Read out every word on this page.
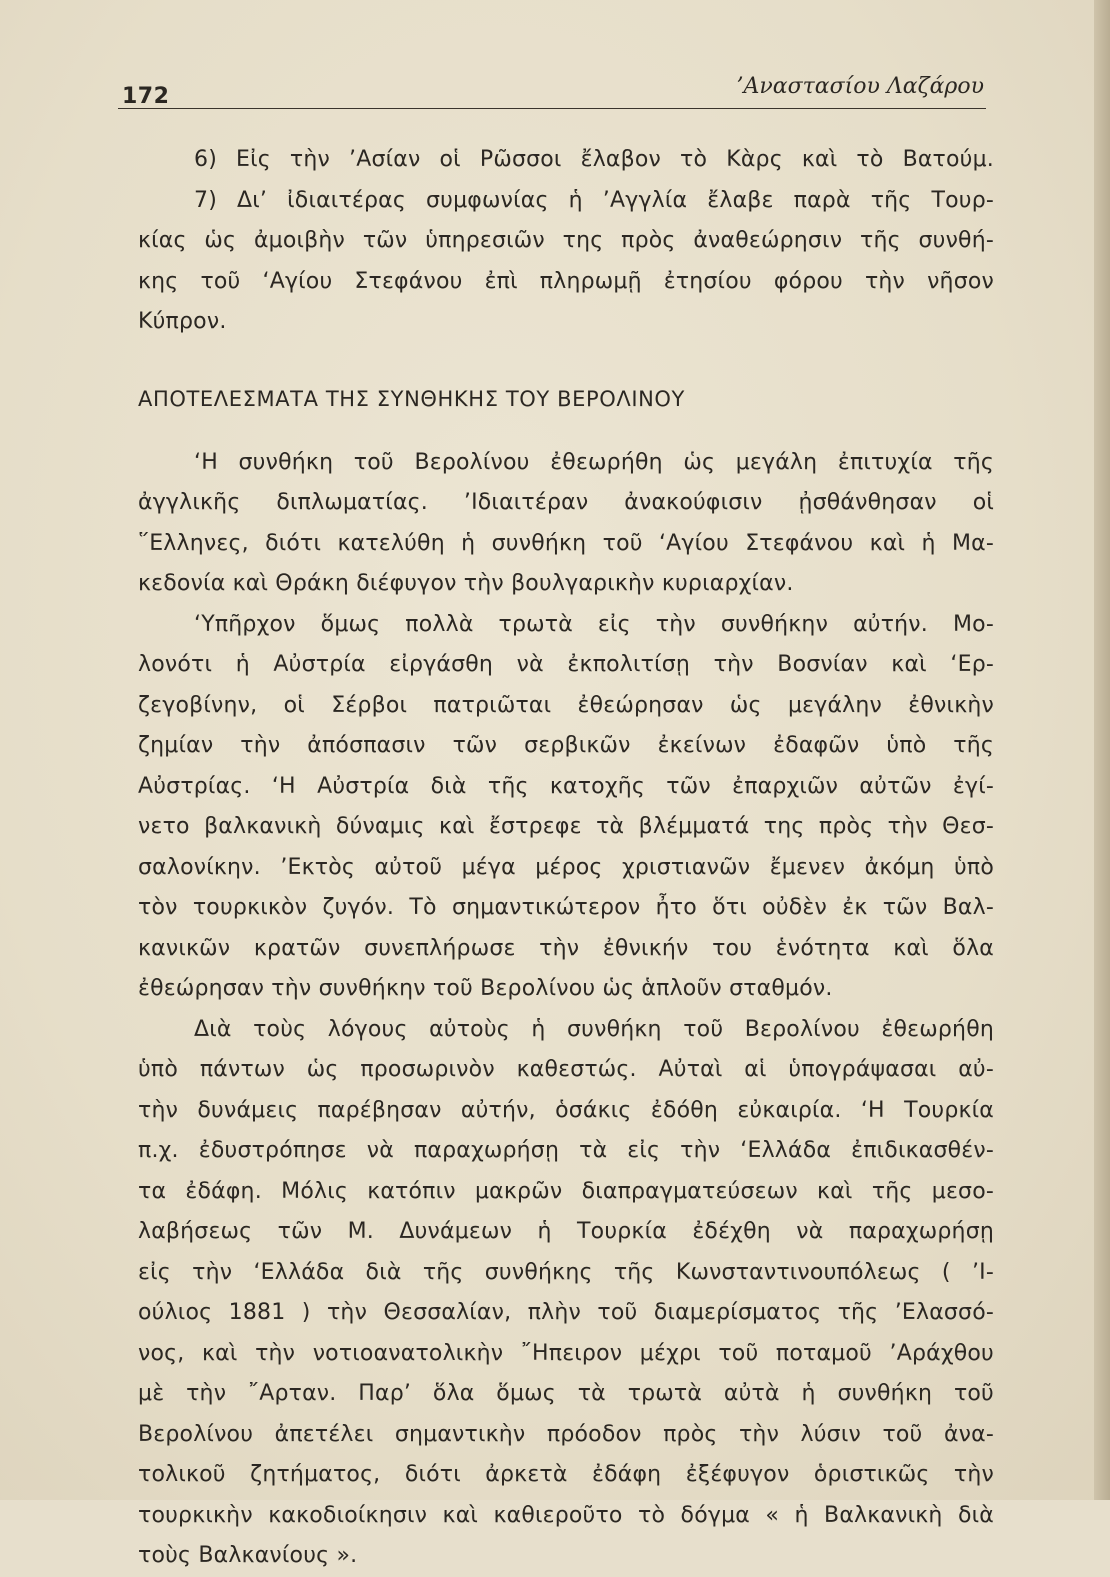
172	’Αναστασίου Λαζάρου
6) Εἰς τὴν ’Ασίαν οἱ Ρῶσσοι ἔλαβον τὸ Κὰρς καὶ τὸ Βατούμ.
7) Δι’ ἰδιαιτέρας συμφωνίας ἡ ’Αγγλία ἔλαβε παρὰ τῆς Τουρ-
κίας ὡς ἀμοιβὴν τῶν ὑπηρεσιῶν της πρὸς ἀναθεώρησιν τῆς συνθή-
κης τοῦ ‘Αγίου Στεφάνου ἐπὶ πληρωμῇ ἐτησίου φόρου τὴν νῆσον
Κύπρον.
ΑΠΟΤΕΛΕΣΜΑΤΑ ΤΗΣ ΣΥΝΘΗΚΗΣ ΤΟΥ ΒΕΡΟΛΙΝΟΥ
‘Η συνθήκη τοῦ Βερολίνου ἐθεωρήθη ὡς μεγάλη ἐπιτυχία τῆς
ἀγγλικῆς διπλωματίας. ’Ιδιαιτέραν ἀνακούφισιν ᾐσθάνθησαν οἱ
῞Ελληνες, διότι κατελύθη ἡ συνθήκη τοῦ ‘Αγίου Στεφάνου καὶ ἡ Μα-
κεδονία καὶ Θράκη διέφυγον τὴν βουλγαρικὴν κυριαρχίαν.
‘Υπῆρχον ὅμως πολλὰ τρωτὰ εἰς τὴν συνθήκην αὐτήν. Μο-
λονότι ἡ Αὐστρία εἰργάσθη νὰ ἐκπολιτίσῃ τὴν Βοσνίαν καὶ ‘Ερ-
ζεγοβίνην, οἱ Σέρβοι πατριῶται ἐθεώρησαν ὡς μεγάλην ἐθνικὴν
ζημίαν τὴν ἀπόσπασιν τῶν σερβικῶν ἐκείνων ἐδαφῶν ὑπὸ τῆς
Αὐστρίας. ‘Η Αὐστρία διὰ τῆς κατοχῆς τῶν ἐπαρχιῶν αὐτῶν ἐγί-
νετο βαλκανικὴ δύναμις καὶ ἔστρεφε τὰ βλέμματά της πρὸς τὴν Θεσ-
σαλονίκην. ’Εκτὸς αὐτοῦ μέγα μέρος χριστιανῶν ἔμενεν ἀκόμη ὑπὸ
τὸν τουρκικὸν ζυγόν. Τὸ σημαντικώτερον ἦτο ὅτι οὐδὲν ἐκ τῶν Βαλ-
κανικῶν κρατῶν συνεπλήρωσε τὴν ἐθνικήν του ἑνότητα καὶ ὅλα
ἐθεώρησαν τὴν συνθήκην τοῦ Βερολίνου ὡς ἁπλοῦν σταθμόν.
Διὰ τοὺς λόγους αὐτοὺς ἡ συνθήκη τοῦ Βερολίνου ἐθεωρήθη
ὑπὸ πάντων ὡς προσωρινὸν καθεστώς. Αὐταὶ αἱ ὑπογράψασαι αὐ-
τὴν δυνάμεις παρέβησαν αὐτήν, ὁσάκις ἐδόθη εὐκαιρία. ‘Η Τουρκία
π.χ. ἐδυστρόπησε νὰ παραχωρήσῃ τὰ εἰς τὴν ‘Ελλάδα ἐπιδικασθέν-
τα ἐδάφη. Μόλις κατόπιν μακρῶν διαπραγματεύσεων καὶ τῆς μεσο-
λαβήσεως τῶν Μ. Δυνάμεων ἡ Τουρκία ἐδέχθη νὰ παραχωρήσῃ
εἰς τὴν ‘Ελλάδα διὰ τῆς συνθήκης τῆς Κωνσταντινουπόλεως ( ’Ι-
ούλιος 1881 ) τὴν Θεσσαλίαν, πλὴν τοῦ διαμερίσματος τῆς ’Ελασσό-
νος, καὶ τὴν νοτιοανατολικὴν ῎Ηπειρον μέχρι τοῦ ποταμοῦ ’Αράχθου
μὲ τὴν ῎Αρταν. Παρ’ ὅλα ὅμως τὰ τρωτὰ αὐτὰ ἡ συνθήκη τοῦ
Βερολίνου ἀπετέλει σημαντικὴν πρόοδον πρὸς τὴν λύσιν τοῦ ἀνα-
τολικοῦ ζητήματος, διότι ἀρκετὰ ἐδάφη ἐξέφυγον ὁριστικῶς τὴν
τουρκικὴν κακοδιοίκησιν καὶ καθιεροῦτο τὸ δόγμα « ἡ Βαλκανικὴ διὰ
τοὺς Βαλκανίους ».
